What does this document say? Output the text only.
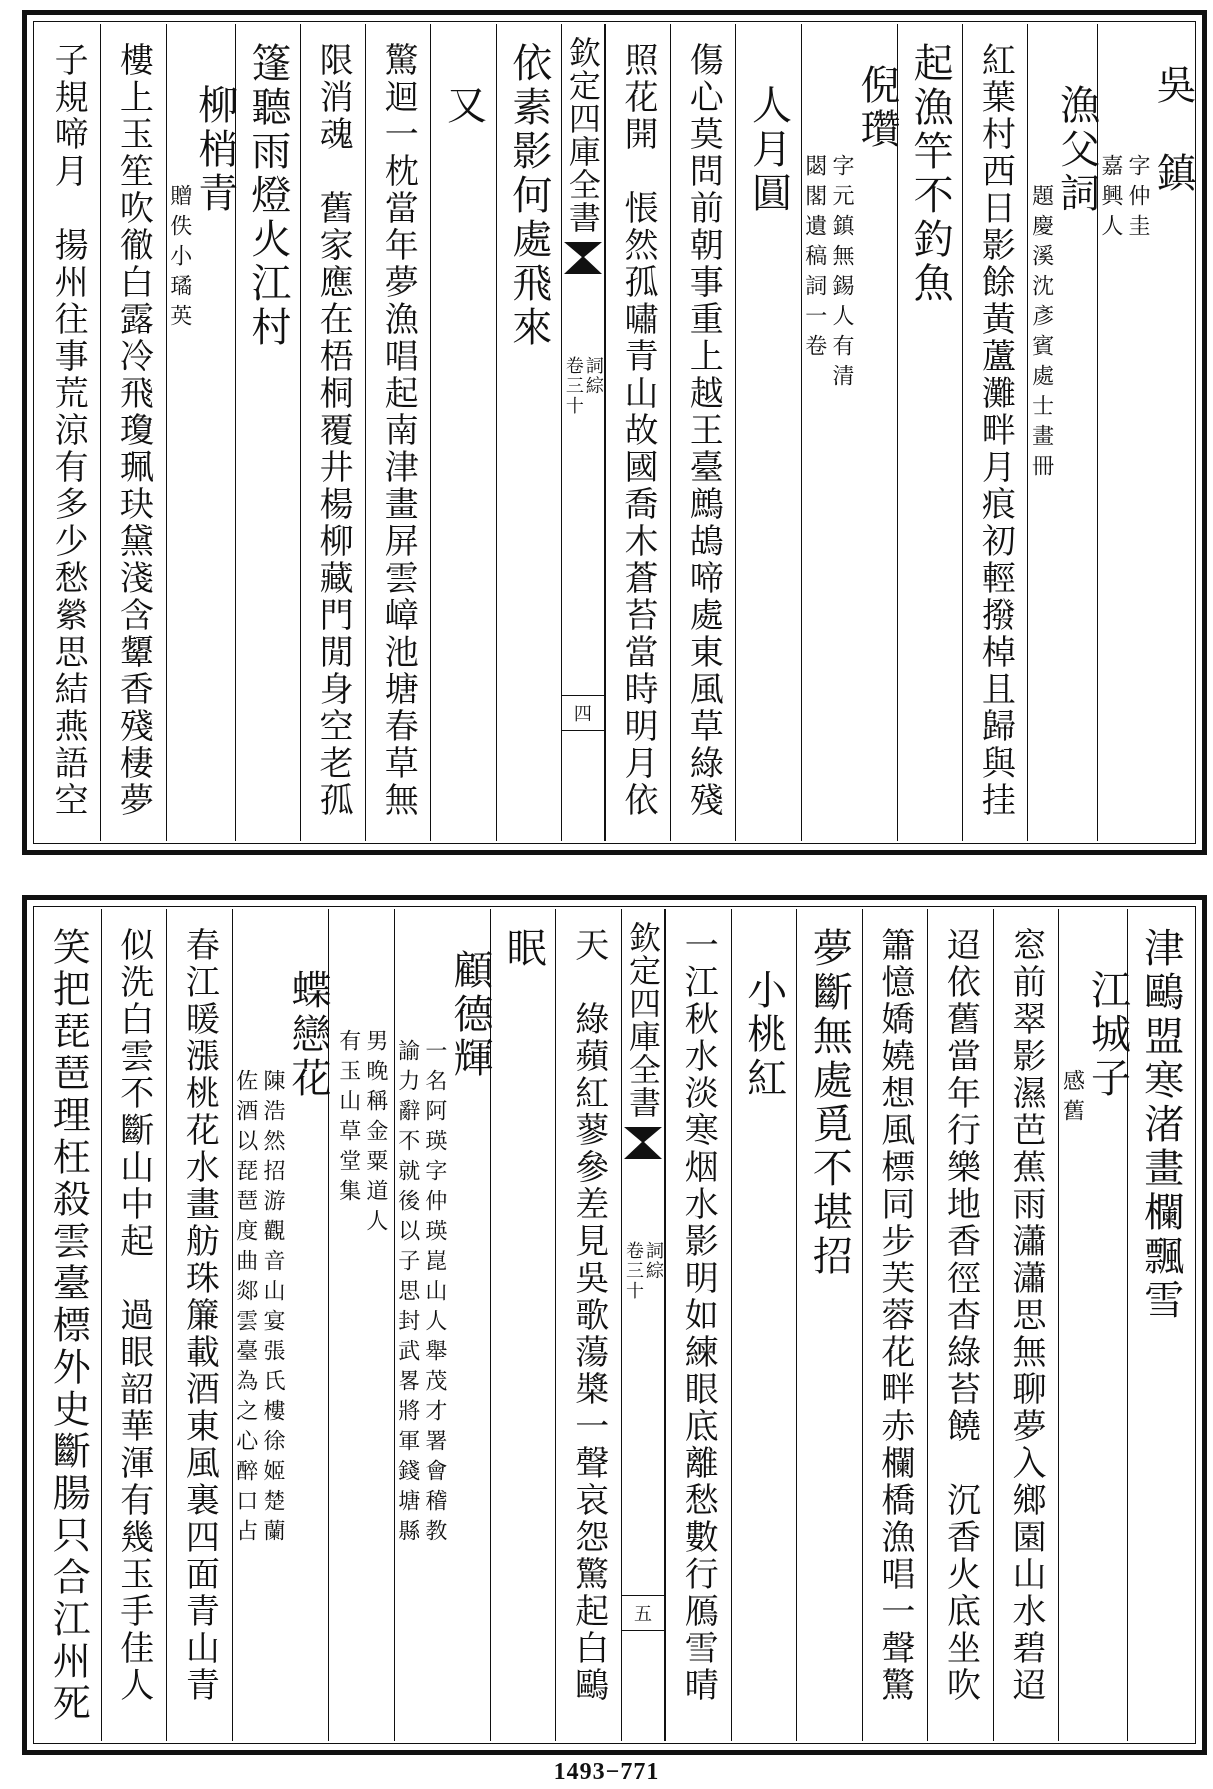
吳
　鎮
字仲圭
嘉興人
漁父詞
題慶溪沈彥賓處士畫冊
紅葉村西日影餘黃蘆灘畔月痕初輕撥棹且歸與挂
起漁竿不釣魚
倪
瓚
字元鎮無錫人有清
閟閣遺稿詞一卷
人月圓
傷心莫問前朝事重上越王臺鷓鴣啼處東風草綠殘
照花開　悵然孤嘯青山故國喬木蒼苔當時明月依
欽定四庫全書
詞綜
卷三十
四
依素影何處飛來
又
驚迴一枕當年夢漁唱起南津畫屏雲嶂池塘春草無
限消魂　舊家應在梧桐覆井楊柳藏門閒身空老孤
篷聽雨燈火江村
柳梢青
贈佚小璚英
樓上玉笙吹徹白露冷飛瓊珮玦黛淺含顰香殘棲夢
子規啼月　揚州往事荒涼有多少愁縈思結燕語空
津鷗盟寒渚畫欄飄雪
江城子
感舊
窓前翠影濕芭蕉雨瀟瀟思無聊夢入鄉園山水碧迢
迢依舊當年行樂地香徑杳綠苔饒　沉香火底坐吹
簫憶嬌嬈想風標同步芙蓉花畔赤欄橋漁唱一聲驚
夢斷無處覓不堪招
小桃紅
一江秋水淡寒烟水影明如練眼底離愁數行鴈雪晴
欽定四庫全書
詞綜
卷三十
五
天　綠蘋紅蓼參差見吳歌蕩槳一聲哀怨驚起白鷗
眠
顧德輝
一名阿瑛字仲瑛崑山人舉茂才署會稽教
諭力辭不就後以子思封武畧將軍錢塘縣
男晚稱金粟道人
有玉山草堂集
蝶戀花
陳浩然招游觀音山宴張氏樓徐姬楚蘭
佐酒以琵琶度曲郯雲臺為之心醉口占
春江暖漲桃花水畫舫珠簾載酒東風裏四面青山青
似洗白雲不斷山中起　過眼韶華渾有幾玉手佳人
笑把琵琶理枉殺雲臺標外史斷腸只合江州死
1493−771
